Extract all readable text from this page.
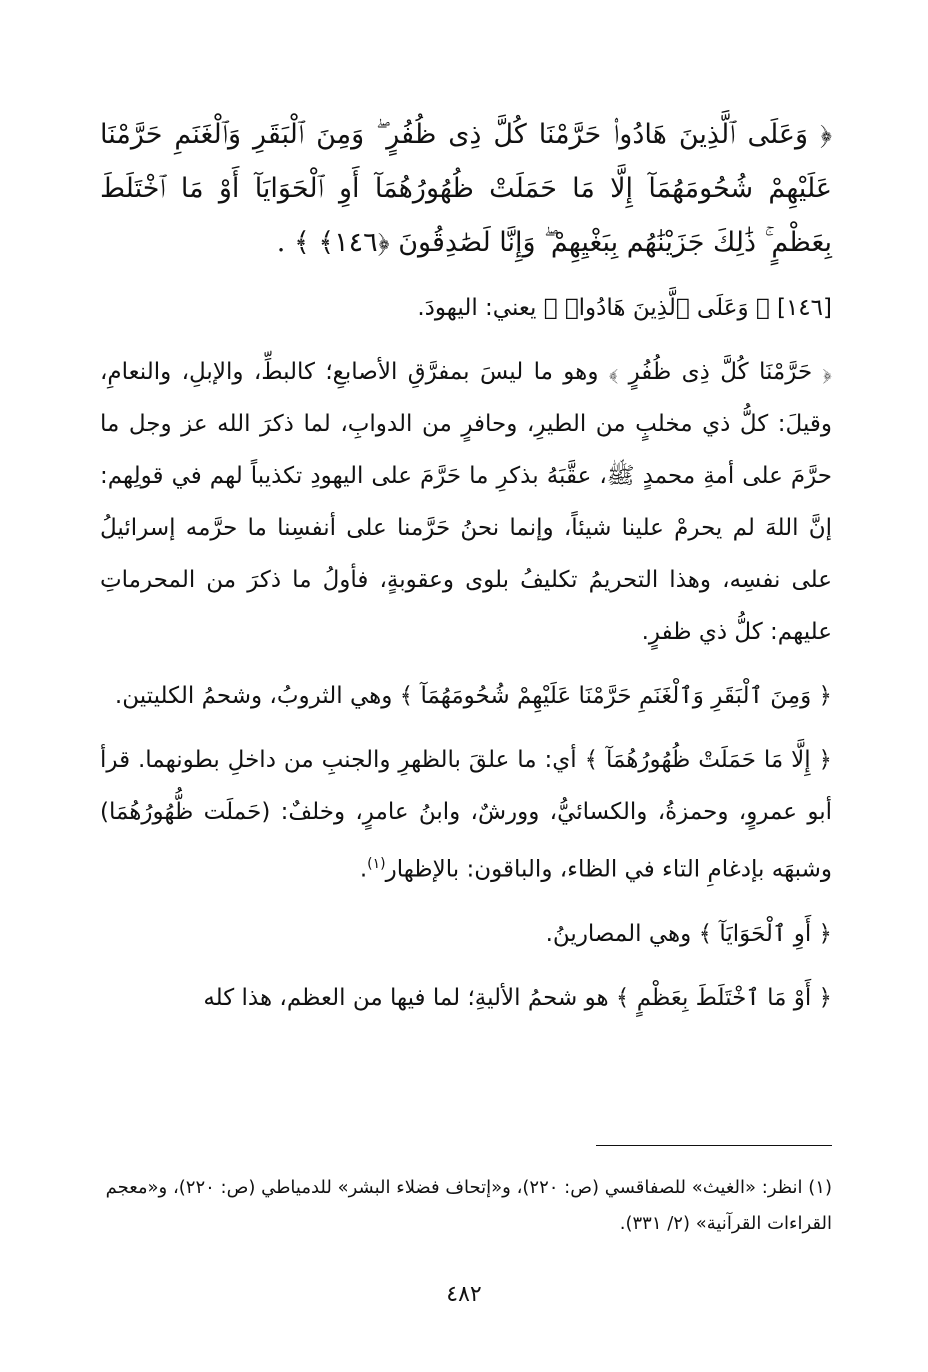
﴿ وَعَلَى ٱلَّذِينَ هَادُوا۟ حَرَّمْنَا كُلَّ ذِى ظُفُرٍ ۖ وَمِنَ ٱلْبَقَرِ وَٱلْغَنَمِ حَرَّمْنَا عَلَيْهِمْ شُحُومَهُمَآ إِلَّا مَا حَمَلَتْ ظُهُورُهُمَآ أَوِ ٱلْحَوَايَآ أَوْ مَا ٱخْتَلَطَ بِعَظْمٍ ۚ ذَٰلِكَ جَزَيْنَٰهُم بِبَغْيِهِمْ ۖ وَإِنَّا لَصَٰدِقُونَ ﴿١٤٦﴾ ﴾ .

[١٤٦] ﴿ وَعَلَى ٱلَّذِينَ هَادُوا۟ ﴾ يعني: اليهودَ.

﴿ حَرَّمْنَا كُلَّ ذِى ظُفُرٍ ﴾ وهو ما ليسَ بمفرَّقِ الأصابعِ؛ كالبطِّ، والإبلِ، والنعامِ، وقيلَ: كلُّ ذي مخلبٍ من الطيرِ، وحافرٍ من الدوابِ، لما ذكرَ الله عز وجل ما حرَّمَ على أمةِ محمدٍ ﷺ، عقَّبَهُ بذكرِ ما حَرَّمَ على اليهودِ تكذيباً لهم في قولِهم: إنَّ اللهَ لم يحرمْ علينا شيئاً، وإنما نحنُ حَرَّمنا على أنفسِنا ما حرَّمه إسرائيلُ على نفسِه، وهذا التحريمُ تكليفُ بلوى وعقوبةٍ، فأولُ ما ذكرَ من المحرماتِ عليهم: كلُّ ذي ظفرٍ.

﴿ وَمِنَ ٱلْبَقَرِ وَٱلْغَنَمِ حَرَّمْنَا عَلَيْهِمْ شُحُومَهُمَآ ﴾ وهي الثروبُ، وشحمُ الكليتين.

﴿ إِلَّا مَا حَمَلَتْ ظُهُورُهُمَآ ﴾ أي: ما علقَ بالظهرِ والجنبِ من داخلِ بطونهما. قرأ أبو عمروٍ، وحمزةُ، والكسائيُّ، وورشٌ، وابنُ عامرٍ، وخلفٌ: (حَملَت ظُّهُورُهُمَا) وشبهَه بإدغامِ التاء في الظاء، والباقون: بالإظهار$^{(١)}$.

﴿ أَوِ ٱلْحَوَايَآ ﴾ وهي المصارينُ.

﴿ أَوْ مَا ٱخْتَلَطَ بِعَظْمٍ ﴾ هو شحمُ الأليةِ؛ لما فيها من العظم، هذا كله

(١) انظر: «الغيث» للصفاقسي (ص: ٢٢٠)، و«إتحاف فضلاء البشر» للدمياطي (ص: ٢٢٠)، و«معجم القراءات القرآنية» (٢/ ٣٣١).
٤٨٢
